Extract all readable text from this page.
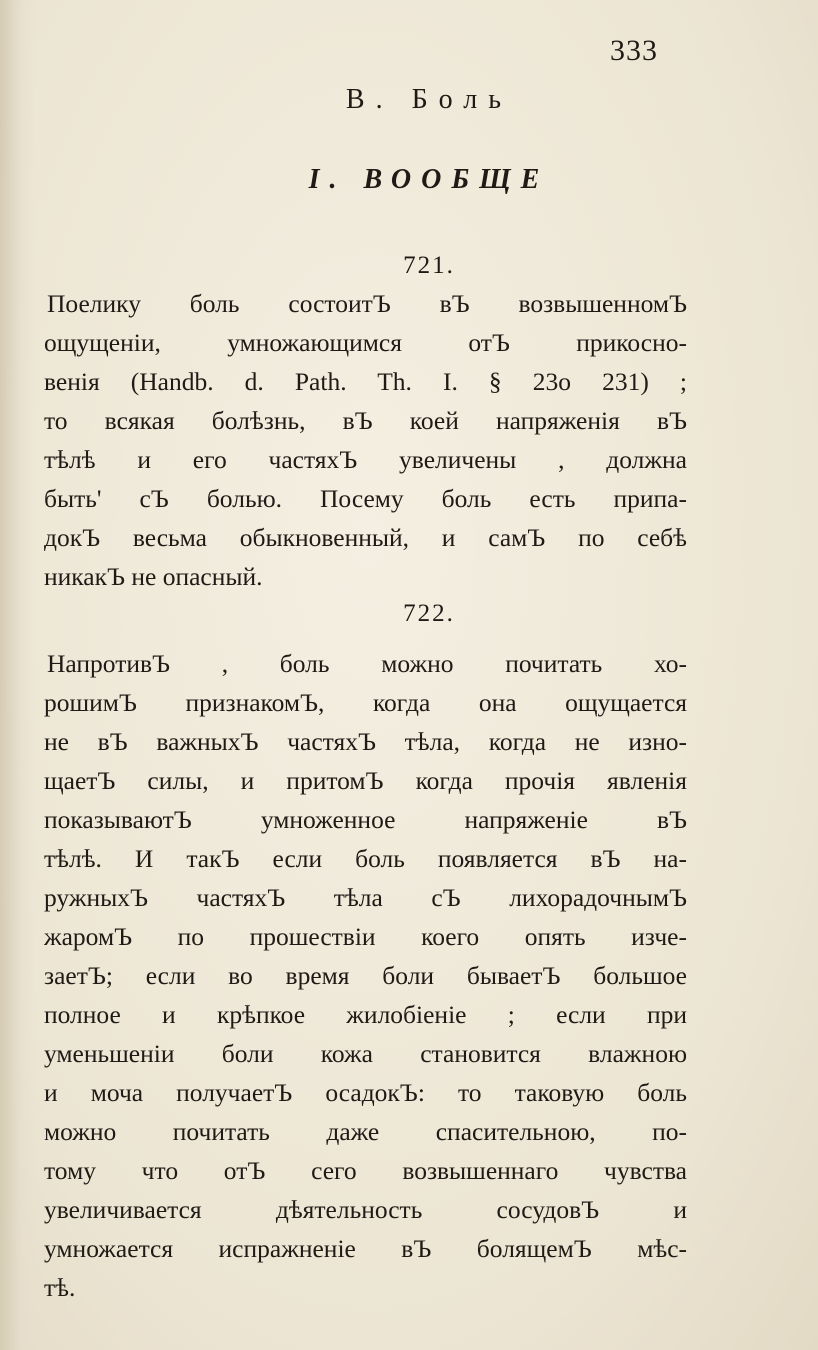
333
В. Боль
I. ВООБЩЕ
721.
Поелику боль состоитЪ вЪ возвышенномЪ
ощущеніи, умножающимся отЪ прикосно-
венія (Handb. d. Path. Th. I. § 23о 231) ;
то всякая болѣзнь, вЪ коей напряженія вЪ
тѣлѣ и его частяхЪ увеличены , должна
быть' сЪ болью. Посему боль есть припа-
докЪ весьма обыкновенный, и самЪ по себѣ
никакЪ не опасный.
722.
НапротивЪ , боль можно почитать хо-
рошимЪ признакомЪ, когда она ощущается
не вЪ важныхЪ частяхЪ тѣла, когда не изно-
щаетЪ силы, и притомЪ когда прочія явленія
показываютЪ умноженное напряженіе вЪ
тѣлѣ. И такЪ если боль появляется вЪ на-
ружныхЪ частяхЪ тѣла сЪ лихорадочнымЪ
жаромЪ по прошествіи коего опять изче-
заетЪ; если во время боли бываетЪ большое
полное и крѣпкое жилобіеніе ; если при
уменьшеніи боли кожа становится влажною
и моча получаетЪ осадокЪ: то таковую боль
можно почитать даже спасительною, по-
тому что отЪ сего возвышеннаго чувства
увеличивается дѣятельность сосудовЪ и
умножается испражненіе вЪ болящемЪ мѣс-
тѣ.
